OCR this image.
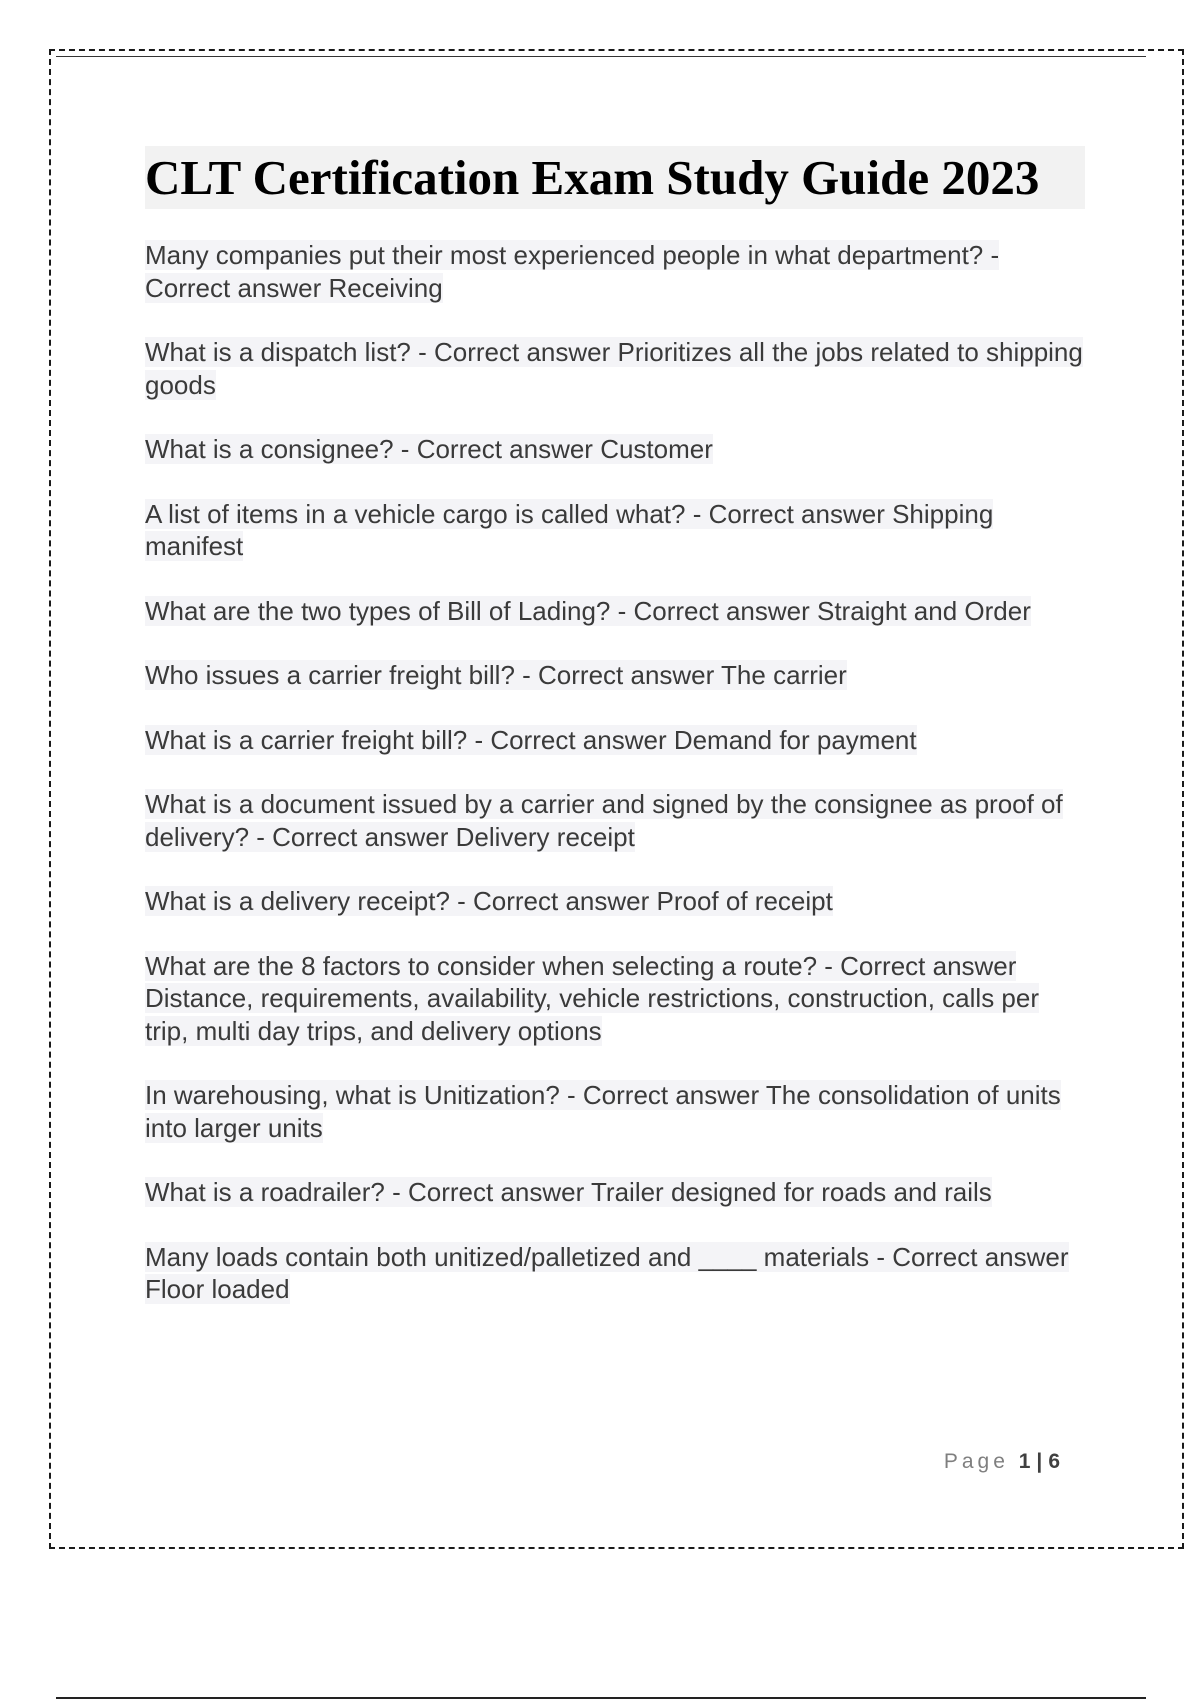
CLT Certification Exam Study Guide 2023

Many companies put their most experienced people in what department? - Correct answer Receiving

What is a dispatch list? - Correct answer Prioritizes all the jobs related to shipping goods

What is a consignee? - Correct answer Customer

A list of items in a vehicle cargo is called what? - Correct answer Shipping manifest

What are the two types of Bill of Lading? - Correct answer Straight and Order

Who issues a carrier freight bill? - Correct answer The carrier

What is a carrier freight bill? - Correct answer Demand for payment

What is a document issued by a carrier and signed by the consignee as proof of delivery? - Correct answer Delivery receipt

What is a delivery receipt? - Correct answer Proof of receipt

What are the 8 factors to consider when selecting a route? - Correct answer Distance, requirements, availability, vehicle restrictions, construction, calls per trip, multi day trips, and delivery options

In warehousing, what is Unitization? - Correct answer The consolidation of units into larger units

What is a roadrailer? - Correct answer Trailer designed for roads and rails

Many loads contain both unitized/palletized and ____ materials - Correct answer Floor loaded

Page 1 | 6
